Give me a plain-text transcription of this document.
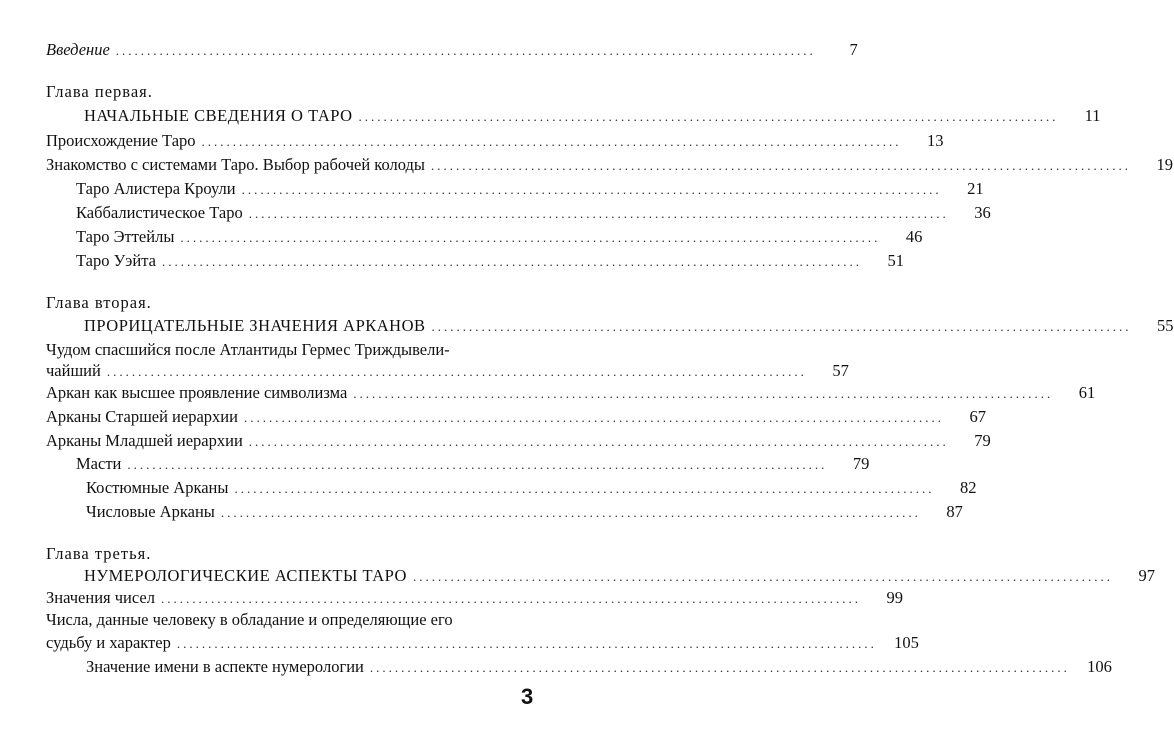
Введение ................................................................................................................	7
Глава первая.
НАЧАЛЬНЫЕ СВЕДЕНИЯ О ТАРО ................................................................................................................	11
Происхождение Таро ................................................................................................................	13
Знакомство с системами Таро. Выбор рабочей колоды ................................................................................................................	19
Таро Алистера Кроули ................................................................................................................	21
Каббалистическое Таро ................................................................................................................	36
Таро Эттейлы ................................................................................................................	46
Таро Уэйта ................................................................................................................	51
Глава вторая.
ПРОРИЦАТЕЛЬНЫЕ ЗНАЧЕНИЯ АРКАНОВ ................................................................................................................	55
Чудом спасшийся после Атлантиды Гермес Триждывели-
чайший ................................................................................................................	57
Аркан как высшее проявление символизма ................................................................................................................	61
Арканы Старшей иерархии ................................................................................................................	67
Арканы Младшей иерархии ................................................................................................................	79
Масти ................................................................................................................	79
Костюмные Арканы ................................................................................................................	82
Числовые Арканы ................................................................................................................	87
Глава третья.
НУМЕРОЛОГИЧЕСКИЕ АСПЕКТЫ ТАРО ................................................................................................................	97
Значения чисел ................................................................................................................	99
Числа, данные человеку в обладание и определяющие его
судьбу и характер ................................................................................................................	105
Значение имени в аспекте нумерологии ................................................................................................................	106
3
